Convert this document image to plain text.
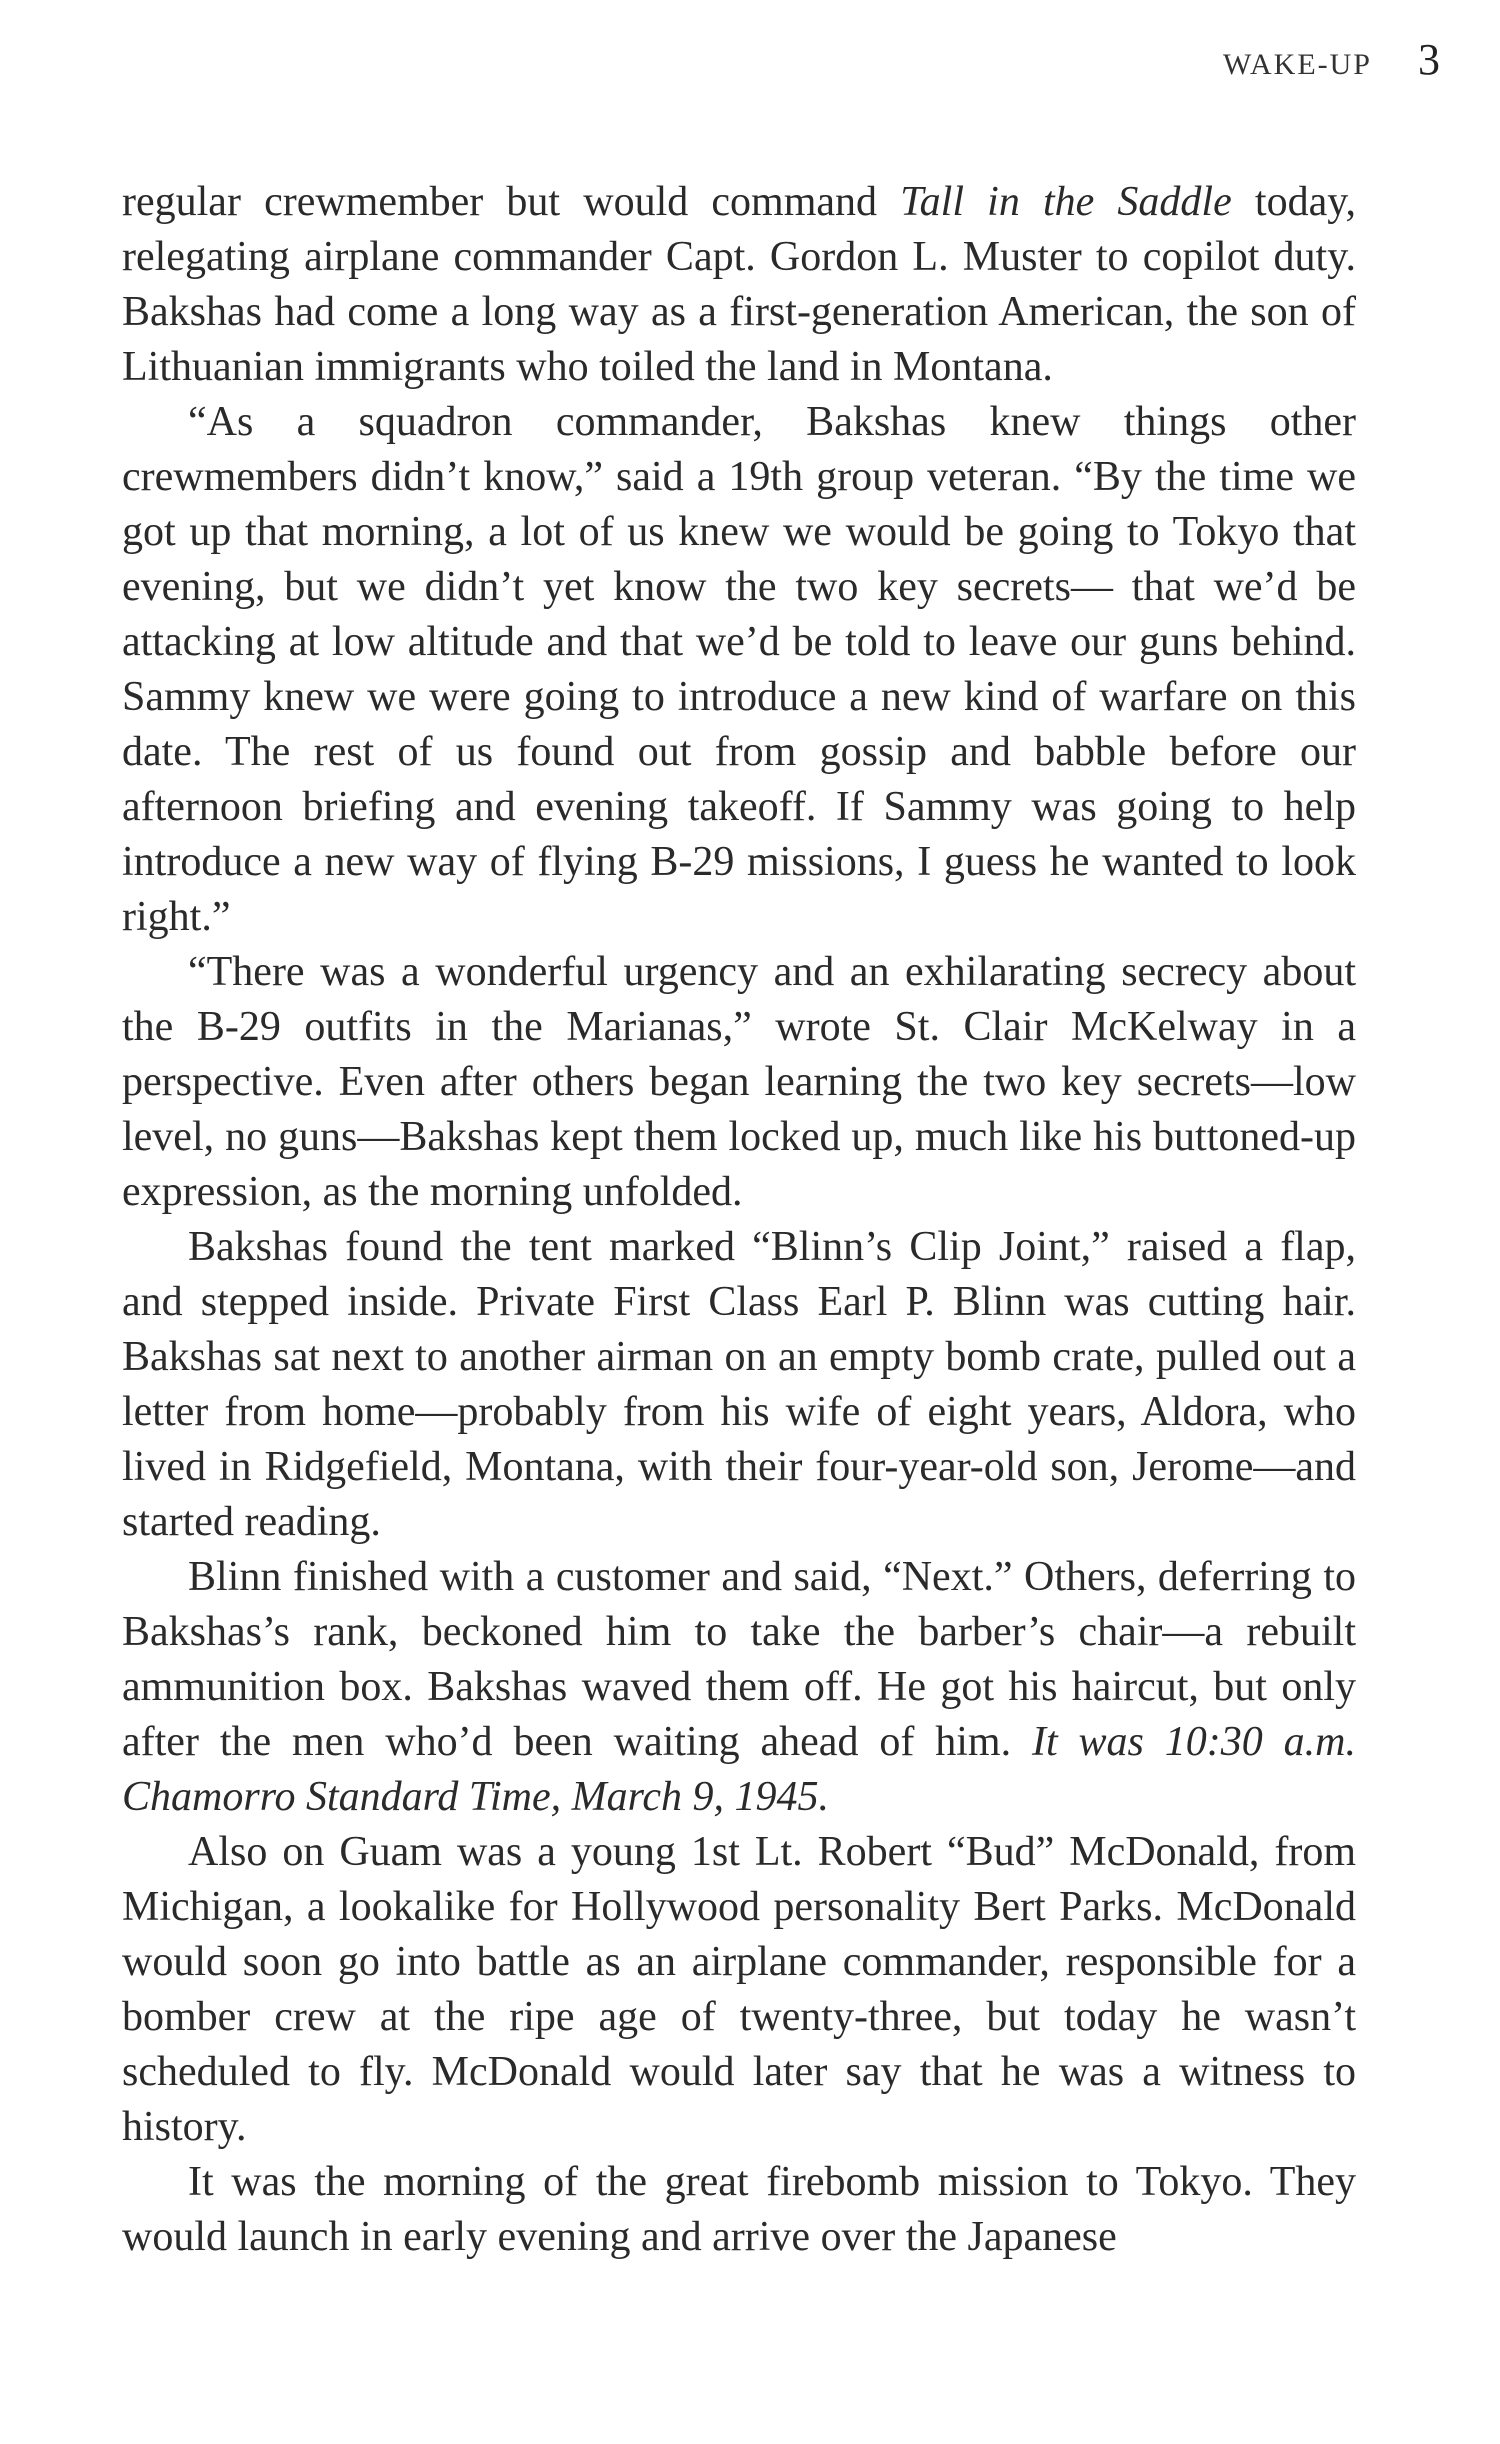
WAKE-UP 3

regular crewmember but would command Tall in the Saddle today, relegating airplane commander Capt. Gordon L. Muster to copilot duty. Bakshas had come a long way as a first-generation American, the son of Lithuanian immigrants who toiled the land in Montana.

“As a squadron commander, Bakshas knew things other crewmembers didn’t know,” said a 19th group veteran. “By the time we got up that morning, a lot of us knew we would be going to Tokyo that evening, but we didn’t yet know the two key secrets— that we’d be attacking at low altitude and that we’d be told to leave our guns behind. Sammy knew we were going to introduce a new kind of warfare on this date. The rest of us found out from gossip and babble before our afternoon briefing and evening takeoff. If Sammy was going to help introduce a new way of flying B-29 missions, I guess he wanted to look right.”

“There was a wonderful urgency and an exhilarating secrecy about the B-29 outfits in the Marianas,” wrote St. Clair McKelway in a perspective. Even after others began learning the two key secrets—low level, no guns—Bakshas kept them locked up, much like his buttoned-up expression, as the morning unfolded.

Bakshas found the tent marked “Blinn’s Clip Joint,” raised a flap, and stepped inside. Private First Class Earl P. Blinn was cutting hair. Bakshas sat next to another airman on an empty bomb crate, pulled out a letter from home—probably from his wife of eight years, Aldora, who lived in Ridgefield, Montana, with their four-year-old son, Jerome—and started reading.

Blinn finished with a customer and said, “Next.” Others, deferring to Bakshas’s rank, beckoned him to take the barber’s chair—a rebuilt ammunition box. Bakshas waved them off. He got his haircut, but only after the men who’d been waiting ahead of him. It was 10:30 a.m. Chamorro Standard Time, March 9, 1945.

Also on Guam was a young 1st Lt. Robert “Bud” McDonald, from Michigan, a lookalike for Hollywood personality Bert Parks. McDonald would soon go into battle as an airplane commander, responsible for a bomber crew at the ripe age of twenty-three, but today he wasn’t scheduled to fly. McDonald would later say that he was a witness to history.

It was the morning of the great firebomb mission to Tokyo. They would launch in early evening and arrive over the Japanese
